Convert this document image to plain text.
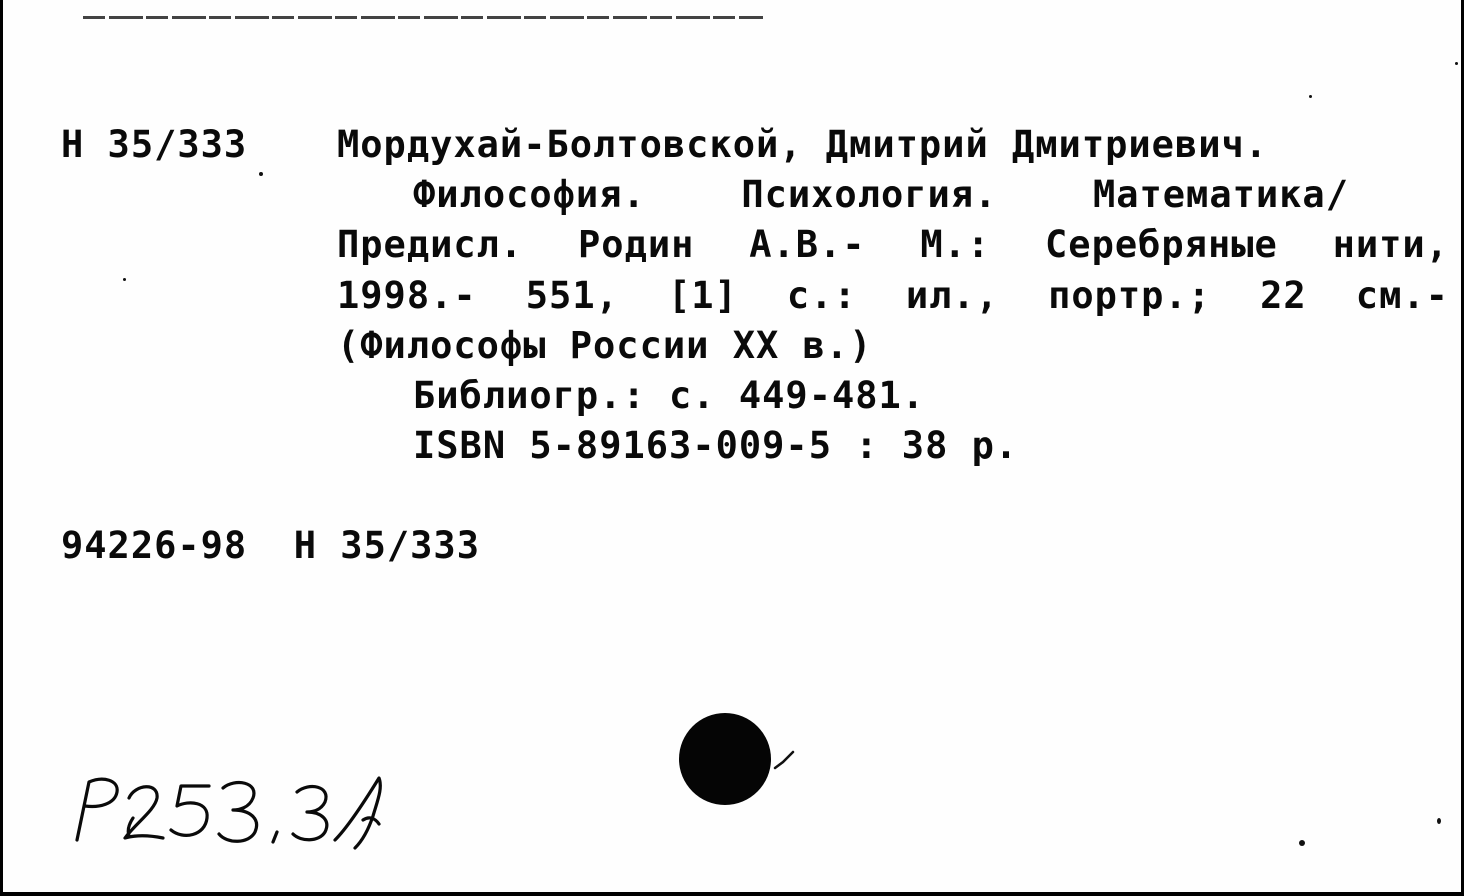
Н 35/333 Мордухай-Болтовской, Дмитрий Дмитриевич.
Философия.	Психология.	Математика/
Предисл. Родин А.В.- М.: Серебряные нити,
1998.- 551, [1] с.: ил., портр.; 22 см.-
(Философы России XX в.)
Библиогр.: с. 449-481.
ISBN 5-89163-009-5 : 38 р.
94226-98  Н 35/333
